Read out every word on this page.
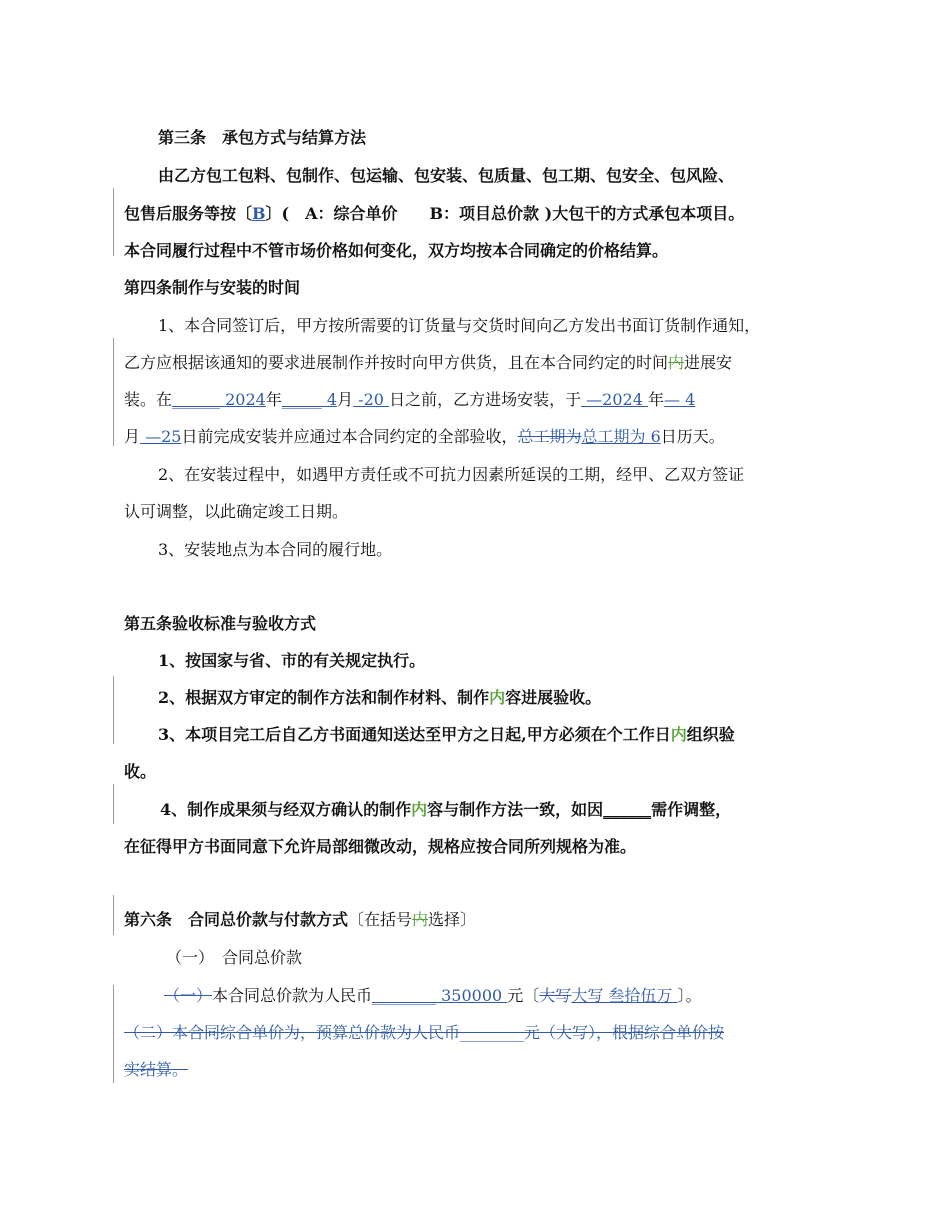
第三条　承包方式与结算方法
由乙方包工包料、包制作、包运输、包安装、包质量、包工期、包安全、包风险、
包售后服务等按〔B〕(　A：综合单价　　B：项目总价款 )大包干的方式承包本项目。
本合同履行过程中不管市场价格如何变化，双方均按本合同确定的价格结算。
第四条制作与安装的时间
1、本合同签订后，甲方按所需要的订货量与交货时间向乙方发出书面订货制作通知，
乙方应根据该通知的要求进展制作并按时向甲方供货，且在本合同约定的时间内进展安
装。在______ 2024年_____ 4月 -20 日之前，乙方进场安装，于 —2024 年— 4
月 —25日前完成安装并应通过本合同约定的全部验收，总工期为总工期为 6日历天。
2、在安装过程中，如遇甲方责任或不可抗力因素所延误的工期，经甲、乙双方签证
认可调整，以此确定竣工日期。
3、安装地点为本合同的履行地。
第五条验收标准与验收方式
1、按国家与省、市的有关规定执行。
2、根据双方审定的制作方法和制作材料、制作内容进展验收。
3、本项目完工后自乙方书面通知送达至甲方之日起,甲方必须在个工作日内组织验
收。
4、制作成果须与经双方确认的制作内容与制作方法一致，如因______需作调整，
在征得甲方书面同意下允许局部细微改动，规格应按合同所列规格为准。
第六条　合同总价款与付款方式〔在括号内选择〕
（一）　合同总价款
（一）本合同总价款为人民币________ 350000 元〔大写大写 叁拾伍万 〕。
（二）本合同综合单价为，预算总价款为人民币________元（大写），根据综合单价按
实结算。
